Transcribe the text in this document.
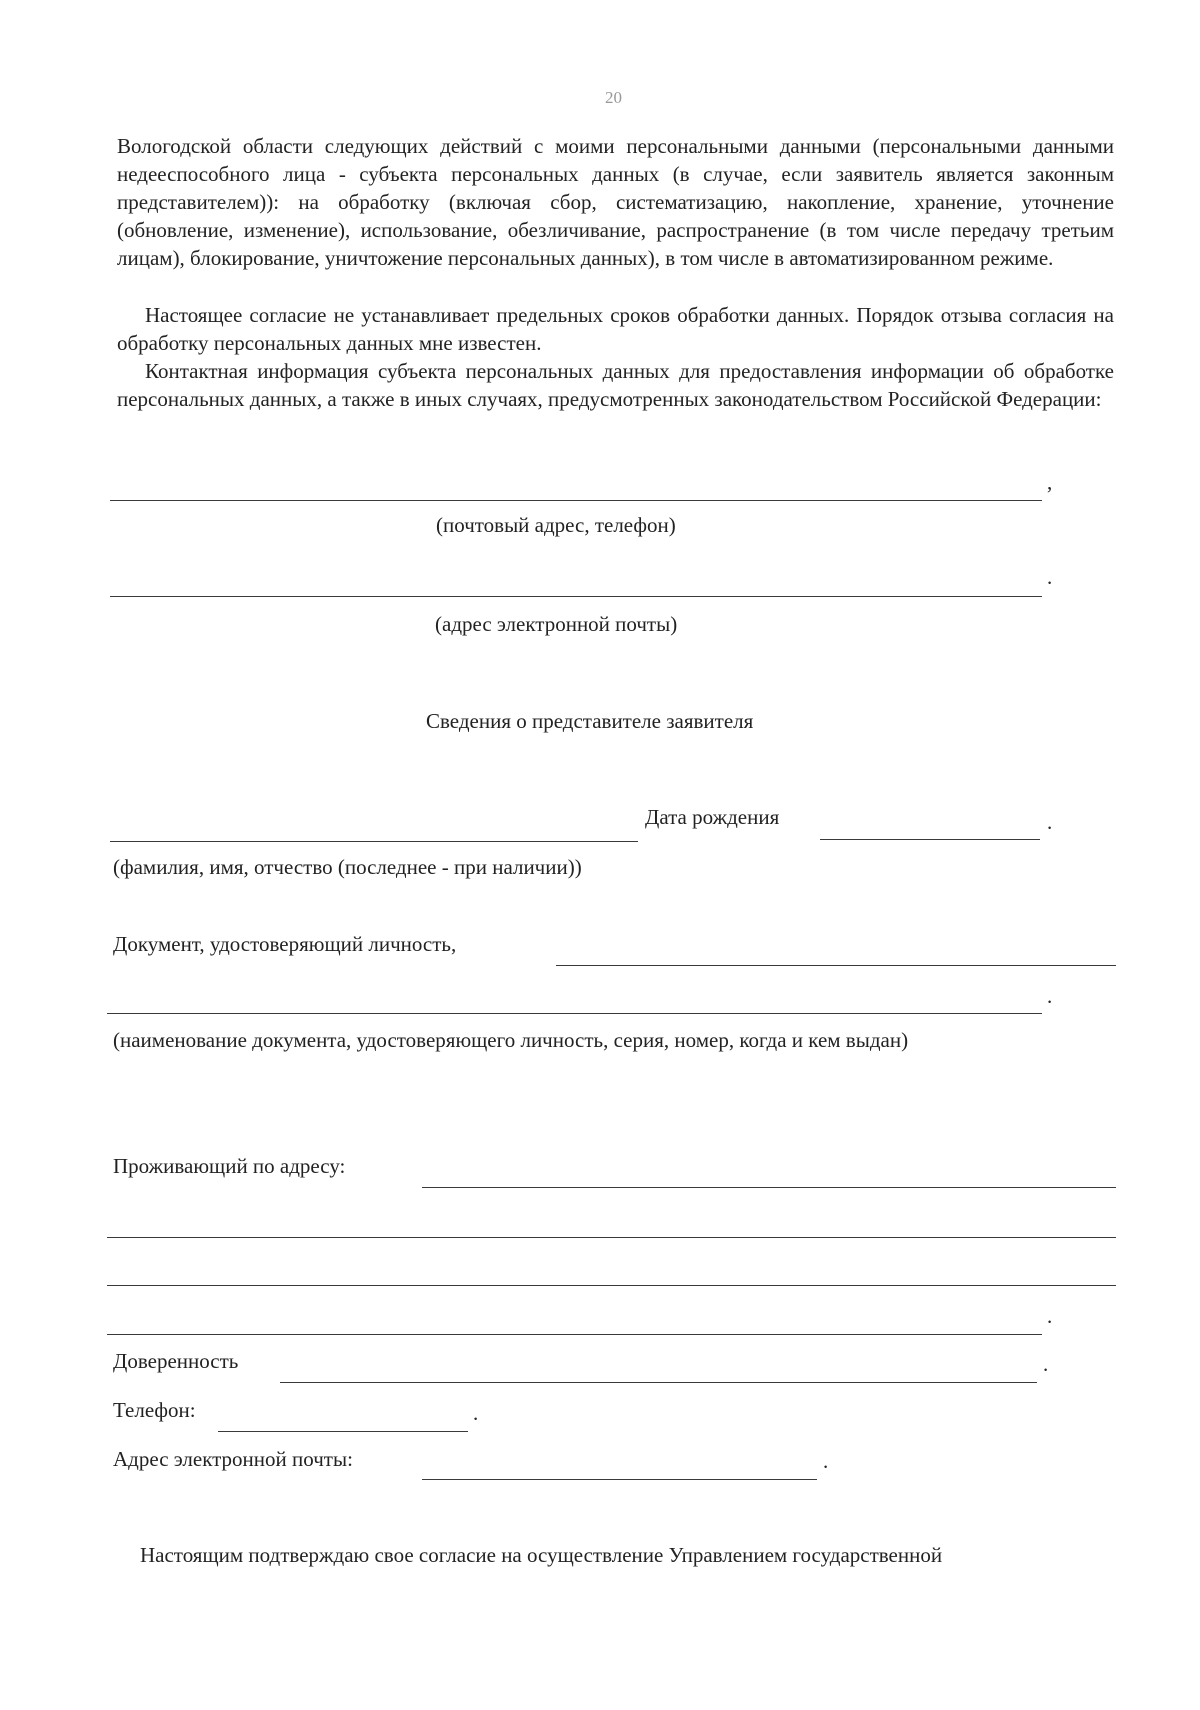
20
Вологодской области следующих действий с моими персональными данными (персональными данными недееспособного лица - субъекта персональных данных (в случае, если заявитель является законным представителем)): на обработку (включая сбор, систематизацию, накопление, хранение, уточнение (обновление, изменение), использование, обезличивание, распространение (в том числе передачу третьим лицам), блокирование, уничтожение персональных данных), в том числе в автоматизированном режиме.
Настоящее согласие не устанавливает предельных сроков обработки данных. Порядок отзыва согласия на обработку персональных данных мне известен.
Контактная информация субъекта персональных данных для предоставления информации об обработке персональных данных, а также в иных случаях, предусмотренных законодательством Российской Федерации:
,
(почтовый адрес, телефон)
.
(адрес электронной почты)
Сведения о представителе заявителя
Дата рождения	.
(фамилия, имя, отчество (последнее - при наличии))
Документ, удостоверяющий личность,
.
(наименование документа, удостоверяющего личность, серия, номер, когда и кем выдан)
Проживающий по адресу:
.
Доверенность	.
Телефон:	.
Адрес электронной почты:	.
Настоящим подтверждаю свое согласие на осуществление Управлением государственной
